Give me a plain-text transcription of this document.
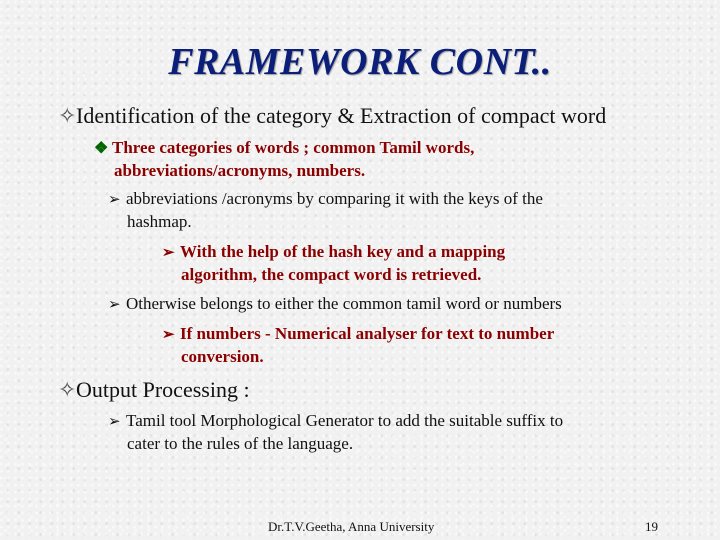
FRAMEWORK CONT..
✧Identification of the category & Extraction of compact word
❖ Three categories of words ; common Tamil words,
abbreviations/acronyms, numbers.
➢ abbreviations /acronyms by comparing it with the keys of the
hashmap.
➢ With the help of the hash key and a mapping
algorithm, the compact word is retrieved.
➢ Otherwise belongs to either the common tamil word or numbers
➢ If numbers - Numerical analyser for text to number
conversion.
✧Output Processing :
➢ Tamil tool Morphological Generator to add the suitable suffix to
cater to the rules of the language.
Dr.T.V.Geetha, Anna University	19
